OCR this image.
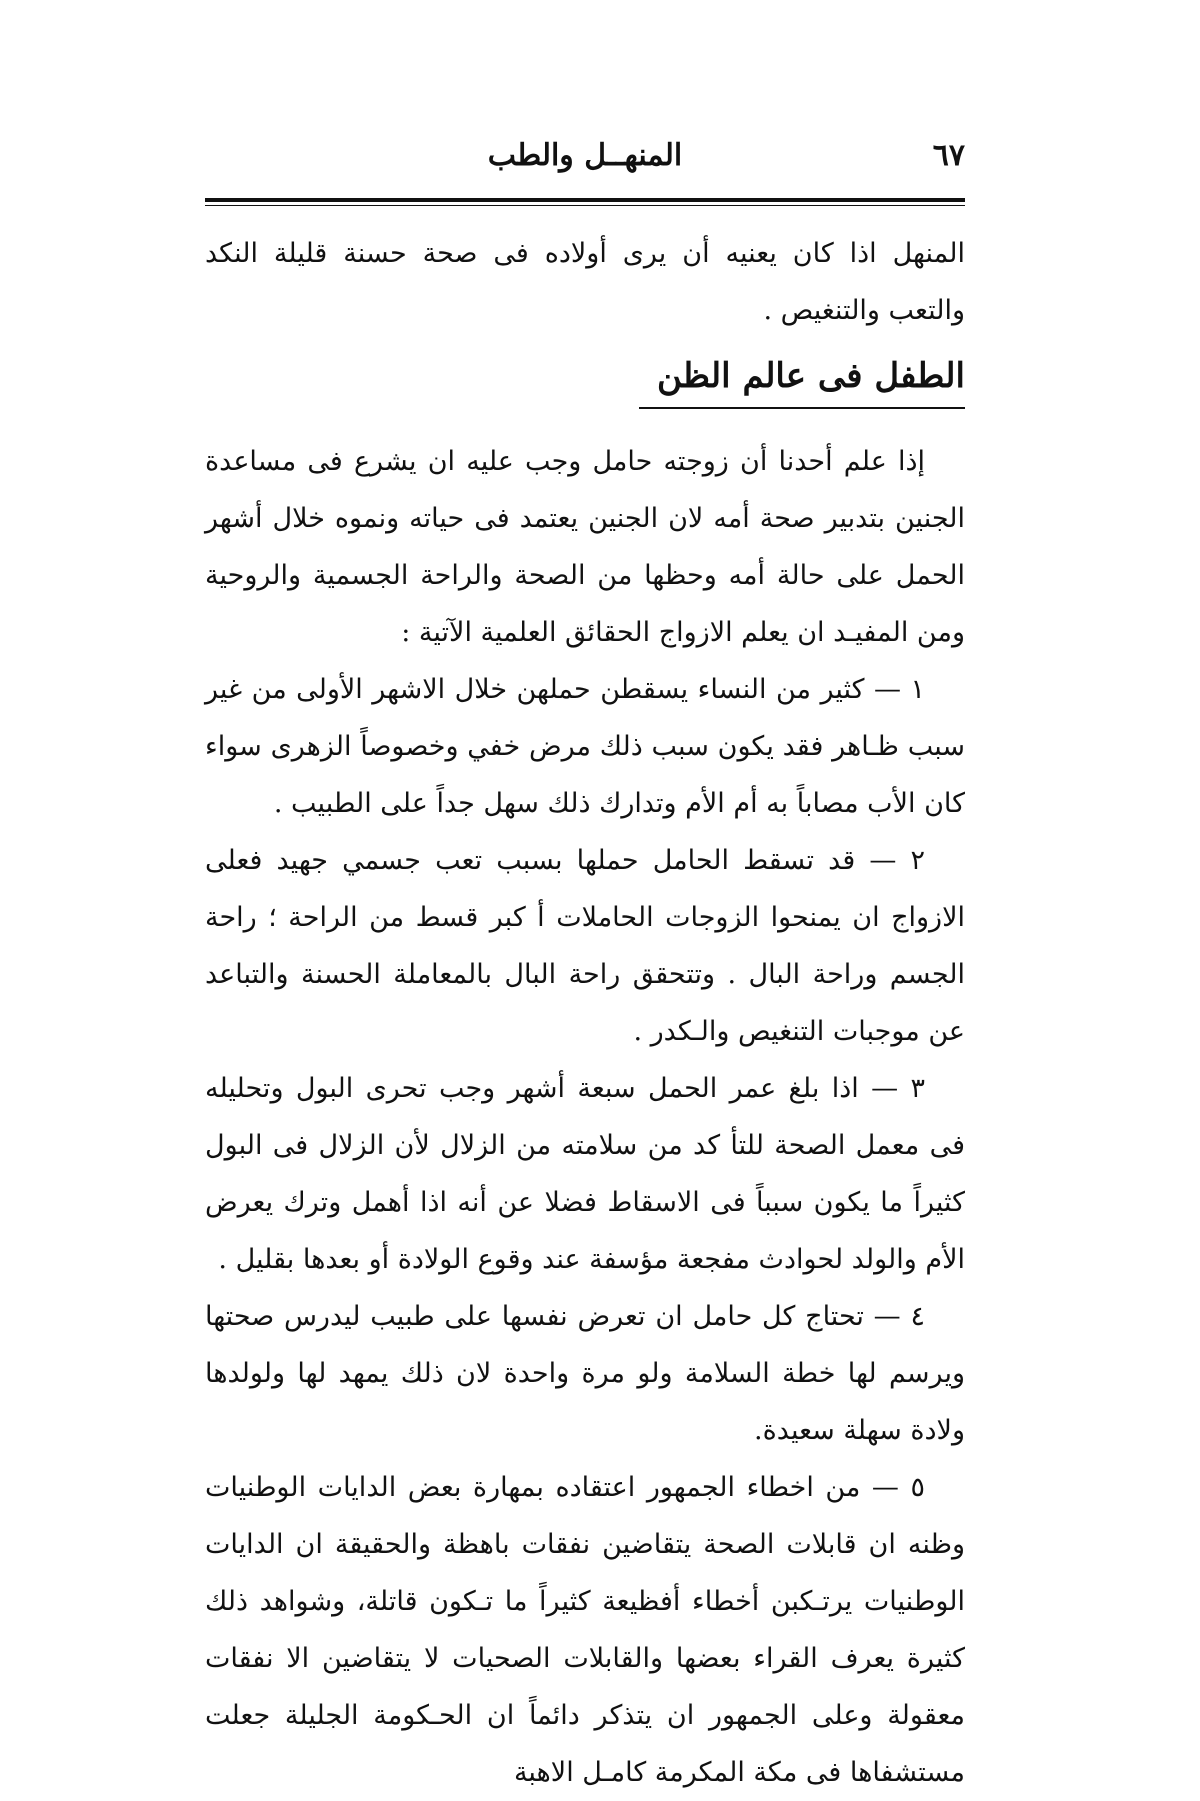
٦٧
المنهــل والطب

المنهل اذا كان يعنيه أن يرى أولاده فى صحة حسنة قليلة النكد والتعب والتنغيص .

الطفل فى عالم الظن

إذا علم أحدنا أن زوجته حامل وجب عليه ان يشرع فى مساعدة الجنين بتدبير صحة أمه لان الجنين يعتمد فى حياته ونموه خلال أشهر الحمل على حالة أمه وحظها من الصحة والراحة الجسمية والروحية ومن المفيـد ان يعلم الازواج الحقائق العلمية الآتية :

١ — كثير من النساء يسقطن حملهن خلال الاشهر الأولى من غير سبب ظـاهر فقد يكون سبب ذلك مرض خفي وخصوصاً الزهرى سواء كان الأب مصاباً به أم الأم وتدارك ذلك سهل جداً على الطبيب .

٢ — قد تسقط الحامل حملها بسبب تعب جسمي جهيد فعلى الازواج ان يمنحوا الزوجات الحاملات أ كبر قسط من الراحة ؛ راحة الجسم وراحة البال . وتتحقق راحة البال بالمعاملة الحسنة والتباعد عن موجبات التنغيص والـكدر .

٣ — اذا بلغ عمر الحمل سبعة أشهر وجب تحرى البول وتحليله فى معمل الصحة للتأ كد من سلامته من الزلال لأن الزلال فى البول كثيراً ما يكون سبباً فى الاسقاط فضلا عن أنه اذا أهمل وترك يعرض الأم والولد لحوادث مفجعة مؤسفة عند وقوع الولادة أو بعدها بقليل .

٤ — تحتاج كل حامل ان تعرض نفسها على طبيب ليدرس صحتها ويرسم لها خطة السلامة ولو مرة واحدة لان ذلك يمهد لها ولولدها ولادة سهلة سعيدة.

٥ — من اخطاء الجمهور اعتقاده بمهارة بعض الدايات الوطنيات وظنه ان قابلات الصحة يتقاضين نفقات باهظة والحقيقة ان الدايات الوطنيات يرتـكبن أخطاء أفظيعة كثيراً ما تـكون قاتلة، وشواهد ذلك كثيرة يعرف القراء بعضها والقابلات الصحيات لا يتقاضين الا نفقات معقولة وعلى الجمهور ان يتذكر دائماً ان الحـكومة الجليلة جعلت مستشفاها فى مكة المكرمة كامـل الاهبة
